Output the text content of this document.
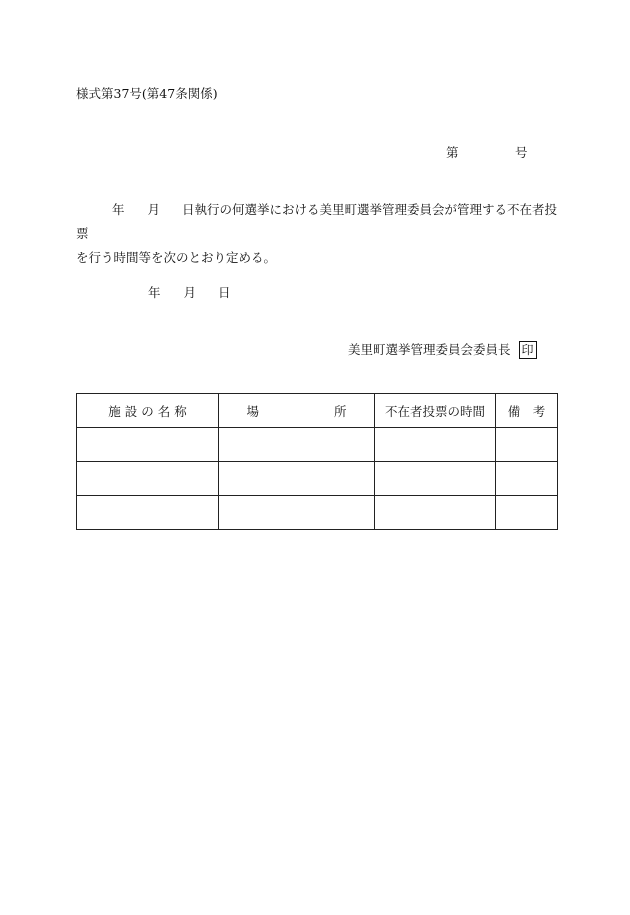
様式第37号(第47条関係)
第	号
年 月 日執行の何選挙における美里町選挙管理委員会が管理する不在者投票
を行う時間等を次のとおり定める。
年 月 日
美里町選挙管理委員会委員長 印
施 設 の 名 称	場　　　　　　所	不在者投票の時間	備　考
